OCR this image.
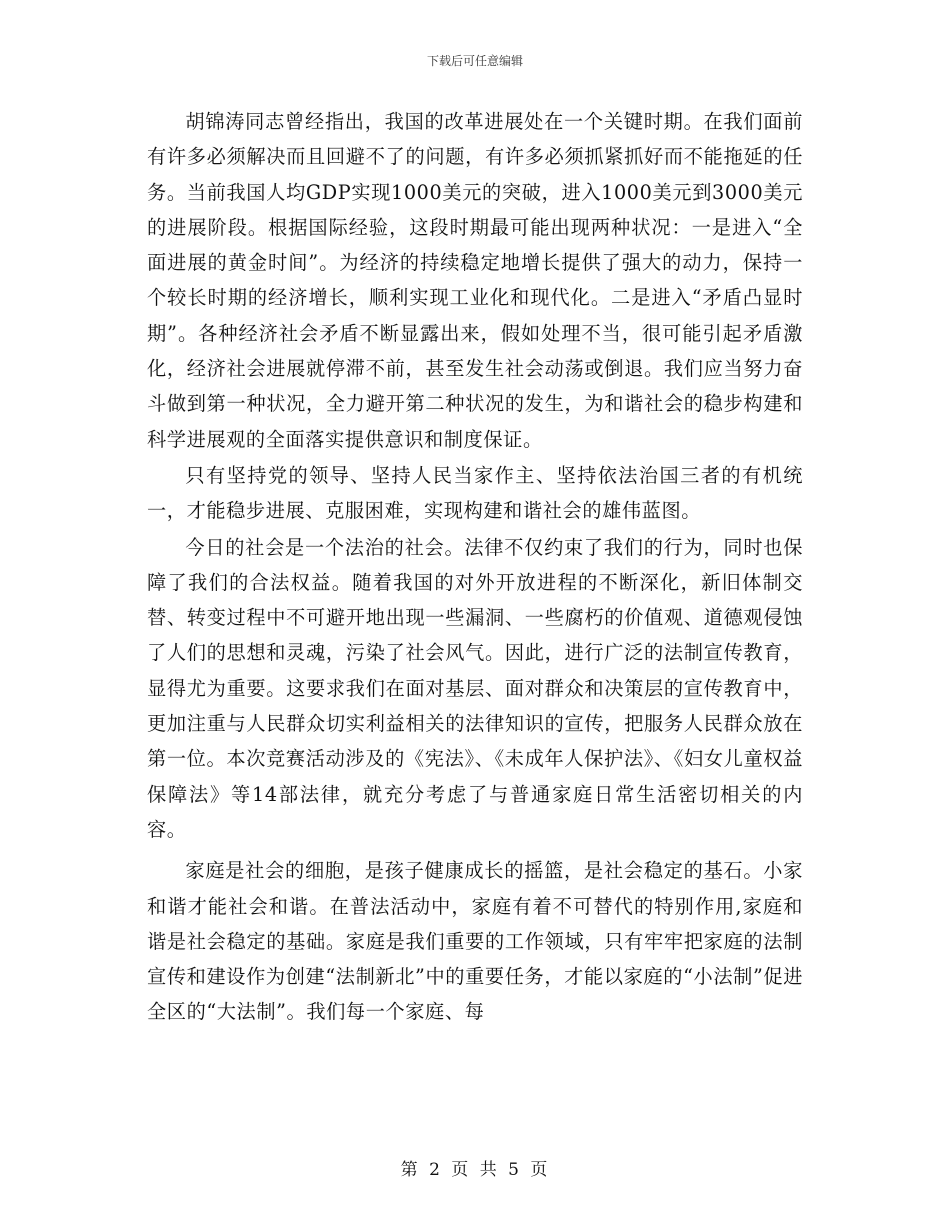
下载后可任意编辑

胡锦涛同志曾经指出，我国的改革进展处在一个关键时期。在我们面前有许多必须解决而且回避不了的问题，有许多必须抓紧抓好而不能拖延的任务。当前我国人均GDP实现1000美元的突破，进入1000美元到3000美元的进展阶段。根据国际经验，这段时期最可能出现两种状况：一是进入“全面进展的黄金时间”。为经济的持续稳定地增长提供了强大的动力，保持一个较长时期的经济增长，顺利实现工业化和现代化。二是进入“矛盾凸显时期”。各种经济社会矛盾不断显露出来，假如处理不当，很可能引起矛盾激化，经济社会进展就停滞不前，甚至发生社会动荡或倒退。我们应当努力奋斗做到第一种状况，全力避开第二种状况的发生，为和谐社会的稳步构建和科学进展观的全面落实提供意识和制度保证。

只有坚持党的领导、坚持人民当家作主、坚持依法治国三者的有机统一，才能稳步进展、克服困难，实现构建和谐社会的雄伟蓝图。

今日的社会是一个法治的社会。法律不仅约束了我们的行为，同时也保障了我们的合法权益。随着我国的对外开放进程的不断深化，新旧体制交替、转变过程中不可避开地出现一些漏洞、一些腐朽的价值观、道德观侵蚀了人们的思想和灵魂，污染了社会风气。因此，进行广泛的法制宣传教育，显得尤为重要。这要求我们在面对基层、面对群众和决策层的宣传教育中，更加注重与人民群众切实利益相关的法律知识的宣传，把服务人民群众放在第一位。本次竞赛活动涉及的《宪法》、《未成年人保护法》、《妇女儿童权益保障法》等14部法律，就充分考虑了与普通家庭日常生活密切相关的内容。

家庭是社会的细胞，是孩子健康成长的摇篮，是社会稳定的基石。小家和谐才能社会和谐。在普法活动中，家庭有着不可替代的特别作用,家庭和谐是社会稳定的基础。家庭是我们重要的工作领域，只有牢牢把家庭的法制宣传和建设作为创建“法制新北”中的重要任务，才能以家庭的“小法制”促进全区的“大法制”。我们每一个家庭、每

第 2 页 共 5 页
